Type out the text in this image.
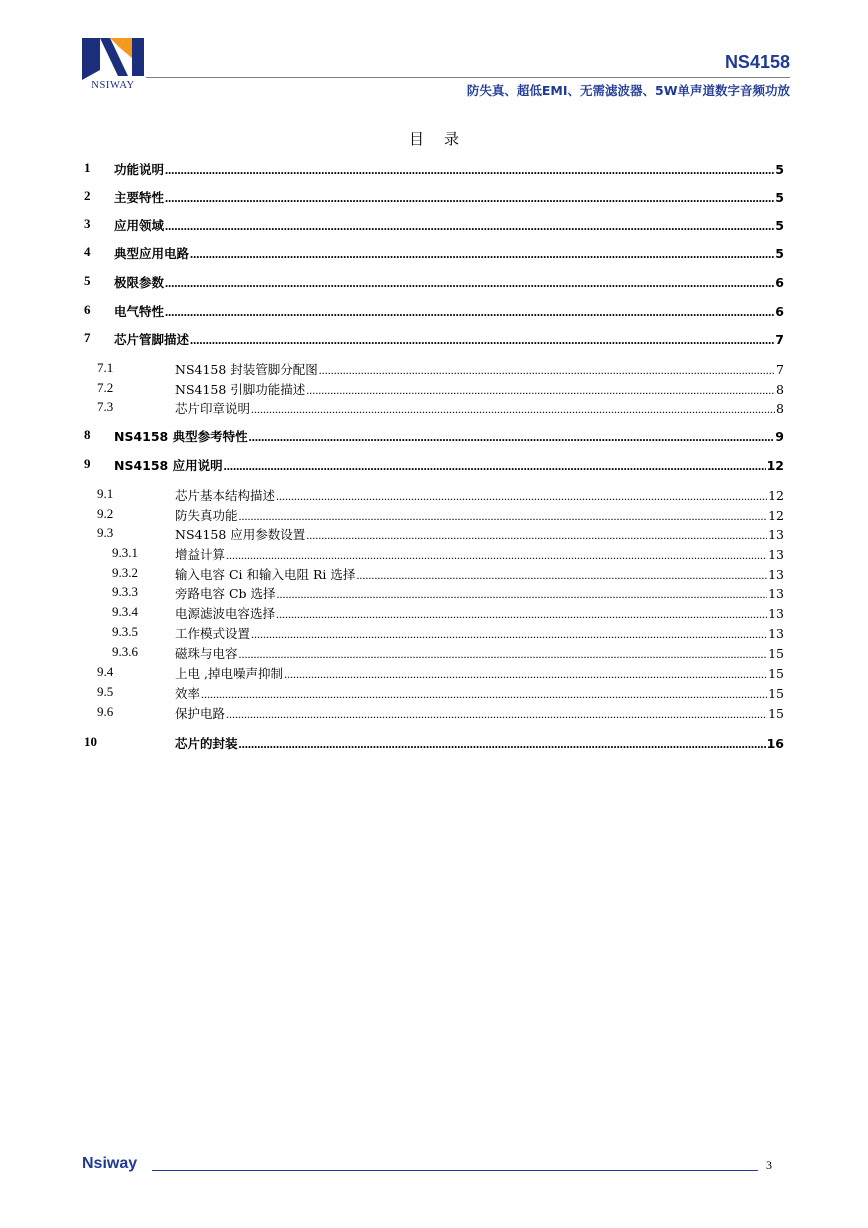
NSIWAY
NS4158
防失真、超低EMI、无需滤波器、5W单声道数字音频功放
目录
1 功能说明 .....	5
2 主要特性 .....	5
3 应用领域 .....	5
4 典型应用电路 .....	5
5 极限参数 .....	6
6 电气特性 .....	6
7 芯片管脚描述 .....	7
7.1	NS4158 封装管脚分配图 .....	7
7.2	NS4158 引脚功能描述 .....	8
7.3	芯片印章说明 .....	8
8 NS4158 典型参考特性 .....	9
9 NS4158 应用说明 .....	12
9.1	芯片基本结构描述 .....	12
9.2	防失真功能 .....	12
9.3	NS4158 应用参数设置 .....	13
9.3.1	增益计算 .....	13
9.3.2	输入电容 Ci 和输入电阻 Ri 选择 .....	13
9.3.3	旁路电容 Cb 选择 .....	13
9.3.4	电源滤波电容选择 .....	13
9.3.5	工作模式设置 .....	13
9.3.6	磁珠与电容 .....	15
9.4	上电 ,掉电噪声抑制 .....	15
9.5	效率 .....	15
9.6	保护电路 .....	15
10	芯片的封装 .....	16
Nsiway	3
